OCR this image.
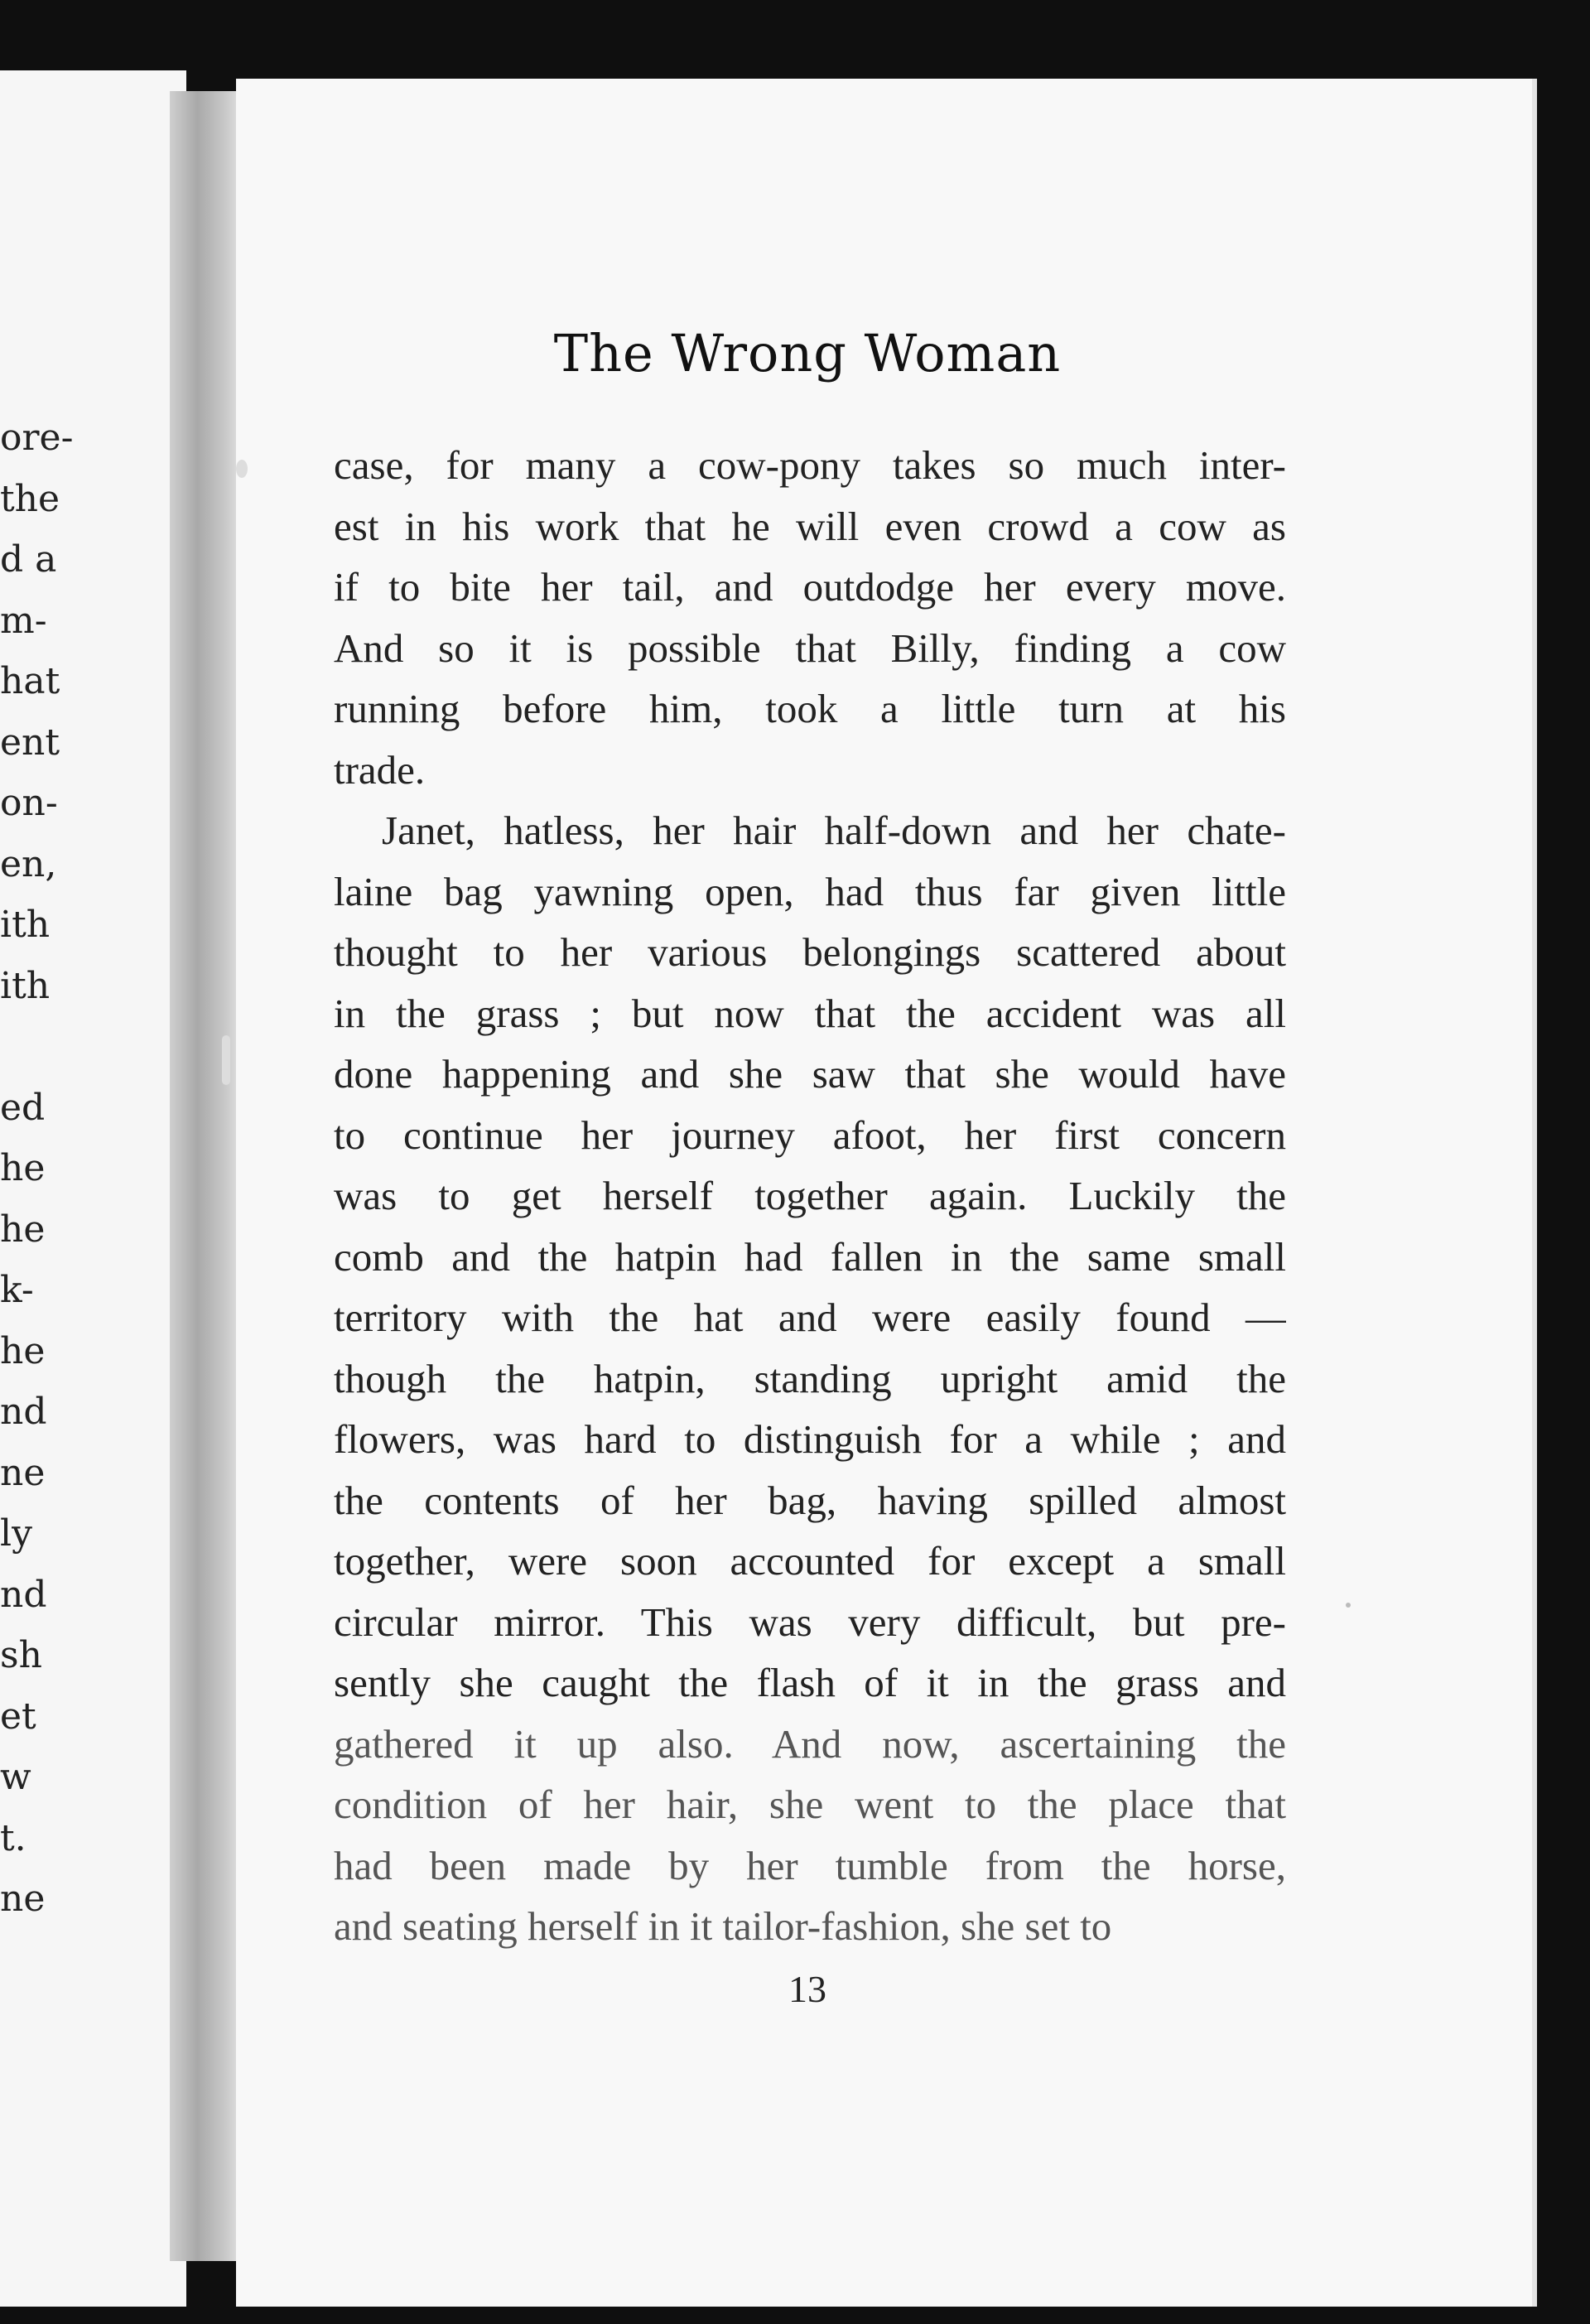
ore-
the
d a
m-
hat
ent
on-
en,
ith
ith
ed
he
he
k-
he
nd
ne
ly
nd
sh
et
w
t.
ne
The Wrong Woman
case, for many a cow-pony takes so much inter-
est in his work that he will even crowd a cow as
if to bite her tail, and outdodge her every move.
And so it is possible that Billy, finding a cow
running before him, took a little turn at his
trade.
Janet, hatless, her hair half-down and her chate-
laine bag yawning open, had thus far given little
thought to her various belongings scattered about
in the grass ; but now that the accident was all
done happening and she saw that she would have
to continue her journey afoot, her first concern
was to get herself together again. Luckily the
comb and the hatpin had fallen in the same small
territory with the hat and were easily found —
though the hatpin, standing upright amid the
flowers, was hard to distinguish for a while ; and
the contents of her bag, having spilled almost
together, were soon accounted for except a small
circular mirror. This was very difficult, but pre-
sently she caught the flash of it in the grass and
gathered it up also. And now, ascertaining the
condition of her hair, she went to the place that
had been made by her tumble from the horse,
and seating herself in it tailor-fashion, she set to
13
